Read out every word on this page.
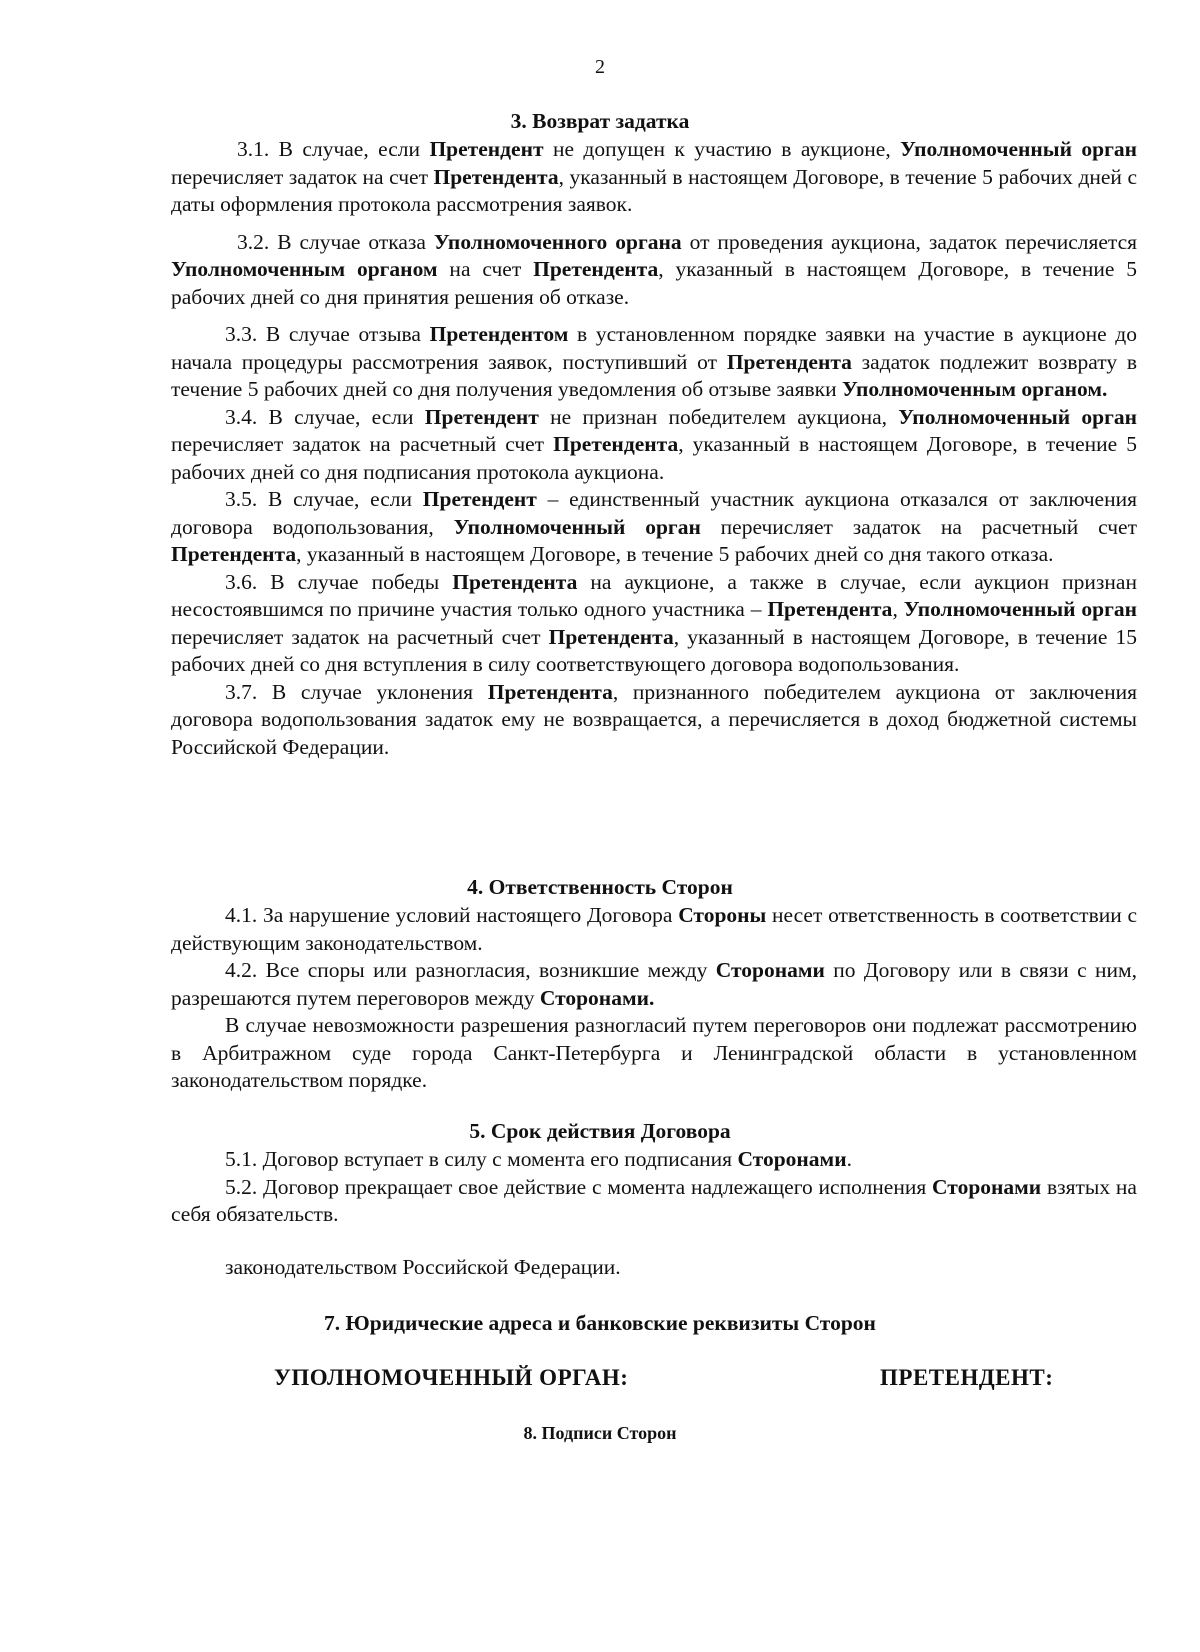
2
3. Возврат задатка

3.1. В случае, если Претендент не допущен к участию в аукционе, Уполномоченный орган перечисляет задаток на счет Претендента, указанный в настоящем Договоре, в течение 5 рабочих дней с даты оформления протокола рассмотрения заявок.

3.2. В случае отказа Уполномоченного органа от проведения аукциона, задаток перечисляется Уполномоченным органом на счет Претендента, указанный в настоящем Договоре, в течение 5 рабочих дней со дня принятия решения об отказе.

3.3. В случае отзыва Претендентом в установленном порядке заявки на участие в аукционе до начала процедуры рассмотрения заявок, поступивший от Претендента задаток подлежит возврату в течение 5 рабочих дней со дня получения уведомления об отзыве заявки Уполномоченным органом.

3.4. В случае, если Претендент не признан победителем аукциона, Уполномоченный орган перечисляет задаток на расчетный счет Претендента, указанный в настоящем Договоре, в течение 5 рабочих дней со дня подписания протокола аукциона.

3.5. В случае, если Претендент – единственный участник аукциона отказался от заключения договора водопользования, Уполномоченный орган перечисляет задаток на расчетный счет Претендента, указанный в настоящем Договоре, в течение 5 рабочих дней со дня такого отказа.

3.6. В случае победы Претендента на аукционе, а также в случае, если аукцион признан несостоявшимся по причине участия только одного участника – Претендента, Уполномоченный орган перечисляет задаток на расчетный счет Претендента, указанный в настоящем Договоре, в течение 15 рабочих дней со дня вступления в силу соответствующего договора водопользования.

3.7. В случае уклонения Претендента, признанного победителем аукциона от заключения договора водопользования задаток ему не возвращается, а перечисляется в доход бюджетной системы Российской Федерации.

4. Ответственность Сторон

4.1. За нарушение условий настоящего Договора Стороны несет ответственность в соответствии с действующим законодательством.

4.2. Все споры или разногласия, возникшие между Сторонами по Договору или в связи с ним, разрешаются путем переговоров между Сторонами.

В случае невозможности разрешения разногласий путем переговоров они подлежат рассмотрению в Арбитражном суде города Санкт-Петербурга и Ленинградской области в установленном законодательством порядке.

5. Срок действия Договора

5.1. Договор вступает в силу с момента его подписания Сторонами.

5.2. Договор прекращает свое действие с момента надлежащего исполнения Сторонами взятых на себя обязательств.

законодательством Российской Федерации.

7. Юридические адреса и банковские реквизиты Сторон
УПОЛНОМОЧЕННЫЙ ОРГАН:	ПРЕТЕНДЕНТ:
8. Подписи Сторон
